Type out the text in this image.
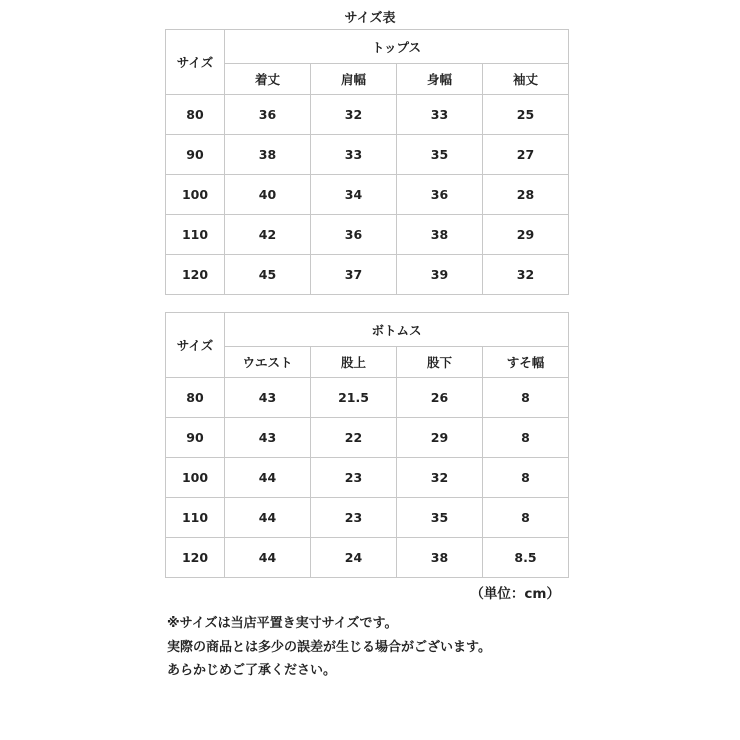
サイズ表
サイズ	トップス			
	着丈	肩幅	身幅	袖丈
80	36	32	33	25
90	38	33	35	27
100	40	34	36	28
110	42	36	38	29
120	45	37	39	32
サイズ	ボトムス			
	ウエスト	股上	股下	すそ幅
80	43	21.5	26	8
90	43	22	29	8
100	44	23	32	8
110	44	23	35	8
120	44	24	38	8.5
（単位：cm）
※サイズは当店平置き実寸サイズです。
実際の商品とは多少の誤差が生じる場合がございます。
あらかじめご了承ください。
